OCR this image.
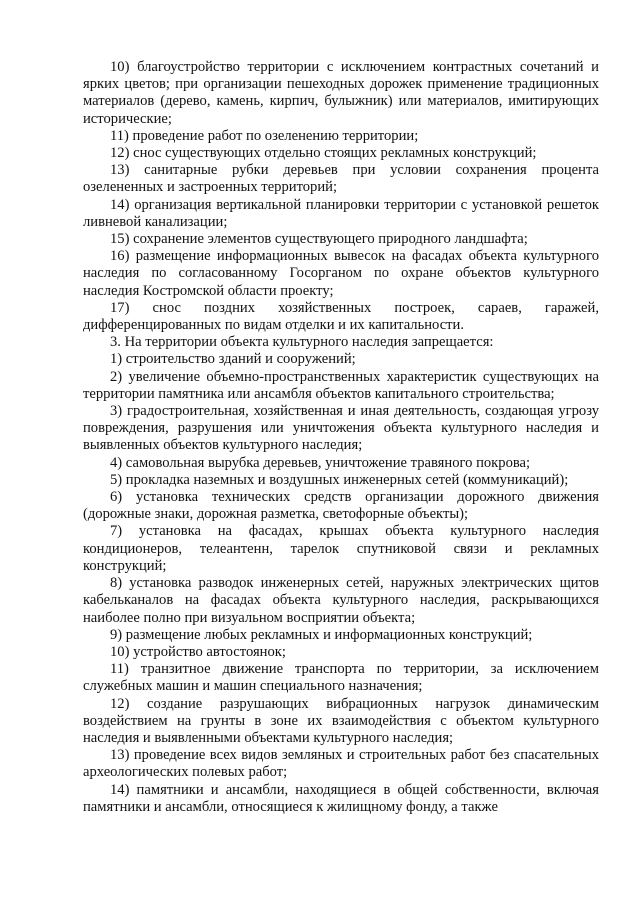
10) благоустройство территории с исключением контрастных сочетаний и ярких цветов; при организации пешеходных дорожек применение традиционных материалов (дерево, камень, кирпич, булыжник) или материалов, имитирующих исторические;

11) проведение работ по озеленению территории;

12) снос существующих отдельно стоящих рекламных конструкций;

13) санитарные рубки деревьев при условии сохранения процента озелененных и застроенных территорий;

14) организация вертикальной планировки территории с установкой решеток ливневой канализации;

15) сохранение элементов существующего природного ландшафта;

16) размещение информационных вывесок на фасадах объекта культурного наследия по согласованному Госорганом по охране объектов культурного наследия Костромской области проекту;

17) снос поздних хозяйственных построек, сараев, гаражей, дифференцированных по видам отделки и их капитальности.

3. На территории объекта культурного наследия запрещается:

1) строительство зданий и сооружений;

2) увеличение объемно-пространственных характеристик существующих на территории памятника или ансамбля объектов капитального строительства;

3) градостроительная, хозяйственная и иная деятельность, создающая угрозу повреждения, разрушения или уничтожения объекта культурного наследия и выявленных объектов культурного наследия;

4) самовольная вырубка деревьев, уничтожение травяного покрова;

5) прокладка наземных и воздушных инженерных сетей (коммуникаций);

6) установка технических средств организации дорожного движения (дорожные знаки, дорожная разметка, светофорные объекты);

7) установка на фасадах, крышах объекта культурного наследия кондиционеров, телеантенн, тарелок спутниковой связи и рекламных конструкций;

8) установка разводок инженерных сетей, наружных электрических щитов кабельканалов на фасадах объекта культурного наследия, раскрывающихся наиболее полно при визуальном восприятии объекта;

9) размещение любых рекламных и информационных конструкций;

10) устройство автостоянок;

11) транзитное движение транспорта по территории, за исключением служебных машин и машин специального назначения;

12) создание разрушающих вибрационных нагрузок динамическим воздействием на грунты в зоне их взаимодействия с объектом культурного наследия и выявленными объектами культурного наследия;

13) проведение всех видов земляных и строительных работ без спасательных археологических полевых работ;

14) памятники и ансамбли, находящиеся в общей собственности, включая памятники и ансамбли, относящиеся к жилищному фонду, а также
